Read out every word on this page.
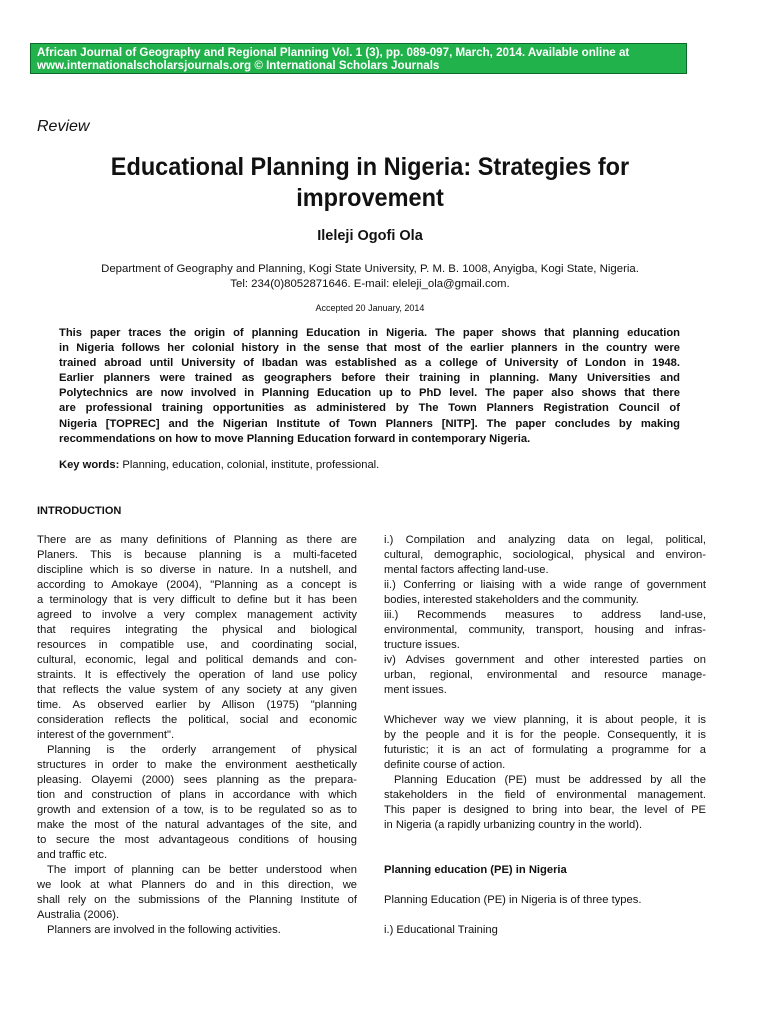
African Journal of Geography and Regional Planning Vol. 1 (3), pp. 089-097, March, 2014. Available online at
www.internationalscholarsjournals.org © International Scholars Journals
Review
Educational Planning in Nigeria: Strategies for
improvement
Ileleji Ogofi Ola
Department of Geography and Planning, Kogi State University, P. M. B. 1008, Anyigba, Kogi State, Nigeria.
Tel: 234(0)8052871646. E-mail: eleleji_ola@gmail.com.
Accepted 20 January, 2014
This paper traces the origin of planning Education in Nigeria. The paper shows that planning education
in Nigeria follows her colonial history in the sense that most of the earlier planners in the country were
trained abroad until University of Ibadan was established as a college of University of London in 1948.
Earlier planners were trained as geographers before their training in planning. Many Universities and
Polytechnics are now involved in Planning Education up to PhD level. The paper also shows that there
are professional training opportunities as administered by The Town Planners Registration Council of
Nigeria [TOPREC] and the Nigerian Institute of Town Planners [NITP]. The paper concludes by making
recommendations on how to move Planning Education forward in contemporary Nigeria.
Key words: Planning, education, colonial, institute, professional.
INTRODUCTION
There are as many definitions of Planning as there are
Planers. This is because planning is a multi-faceted
discipline which is so diverse in nature. In a nutshell, and
according to Amokaye (2004), "Planning as a concept is
a terminology that is very difficult to define but it has been
agreed to involve a very complex management activity
that requires integrating the physical and biological
resources in compatible use, and coordinating social,
cultural, economic, legal and political demands and con-
straints. It is effectively the operation of land use policy
that reflects the value system of any society at any given
time. As observed earlier by Allison (1975) "planning
consideration reflects the political, social and economic
interest of the government".
Planning is the orderly arrangement of physical
structures in order to make the environment aesthetically
pleasing. Olayemi (2000) sees planning as the prepara-
tion and construction of plans in accordance with which
growth and extension of a tow, is to be regulated so as to
make the most of the natural advantages of the site, and
to secure the most advantageous conditions of housing
and traffic etc.
The import of planning can be better understood when
we look at what Planners do and in this direction, we
shall rely on the submissions of the Planning Institute of
Australia (2006).
Planners are involved in the following activities.
i.) Compilation and analyzing data on legal, political,
cultural, demographic, sociological, physical and environ-
mental factors affecting land-use.
ii.) Conferring or liaising with a wide range of government
bodies, interested stakeholders and the community.
iii.) Recommends measures to address land-use,
environmental, community, transport, housing and infras-
tructure issues.
iv) Advises government and other interested parties on
urban, regional, environmental and resource manage-
ment issues.
Whichever way we view planning, it is about people, it is
by the people and it is for the people. Consequently, it is
futuristic; it is an act of formulating a programme for a
definite course of action.
Planning Education (PE) must be addressed by all the
stakeholders in the field of environmental management.
This paper is designed to bring into bear, the level of PE
in Nigeria (a rapidly urbanizing country in the world).
Planning education (PE) in Nigeria
Planning Education (PE) in Nigeria is of three types.
i.) Educational Training
